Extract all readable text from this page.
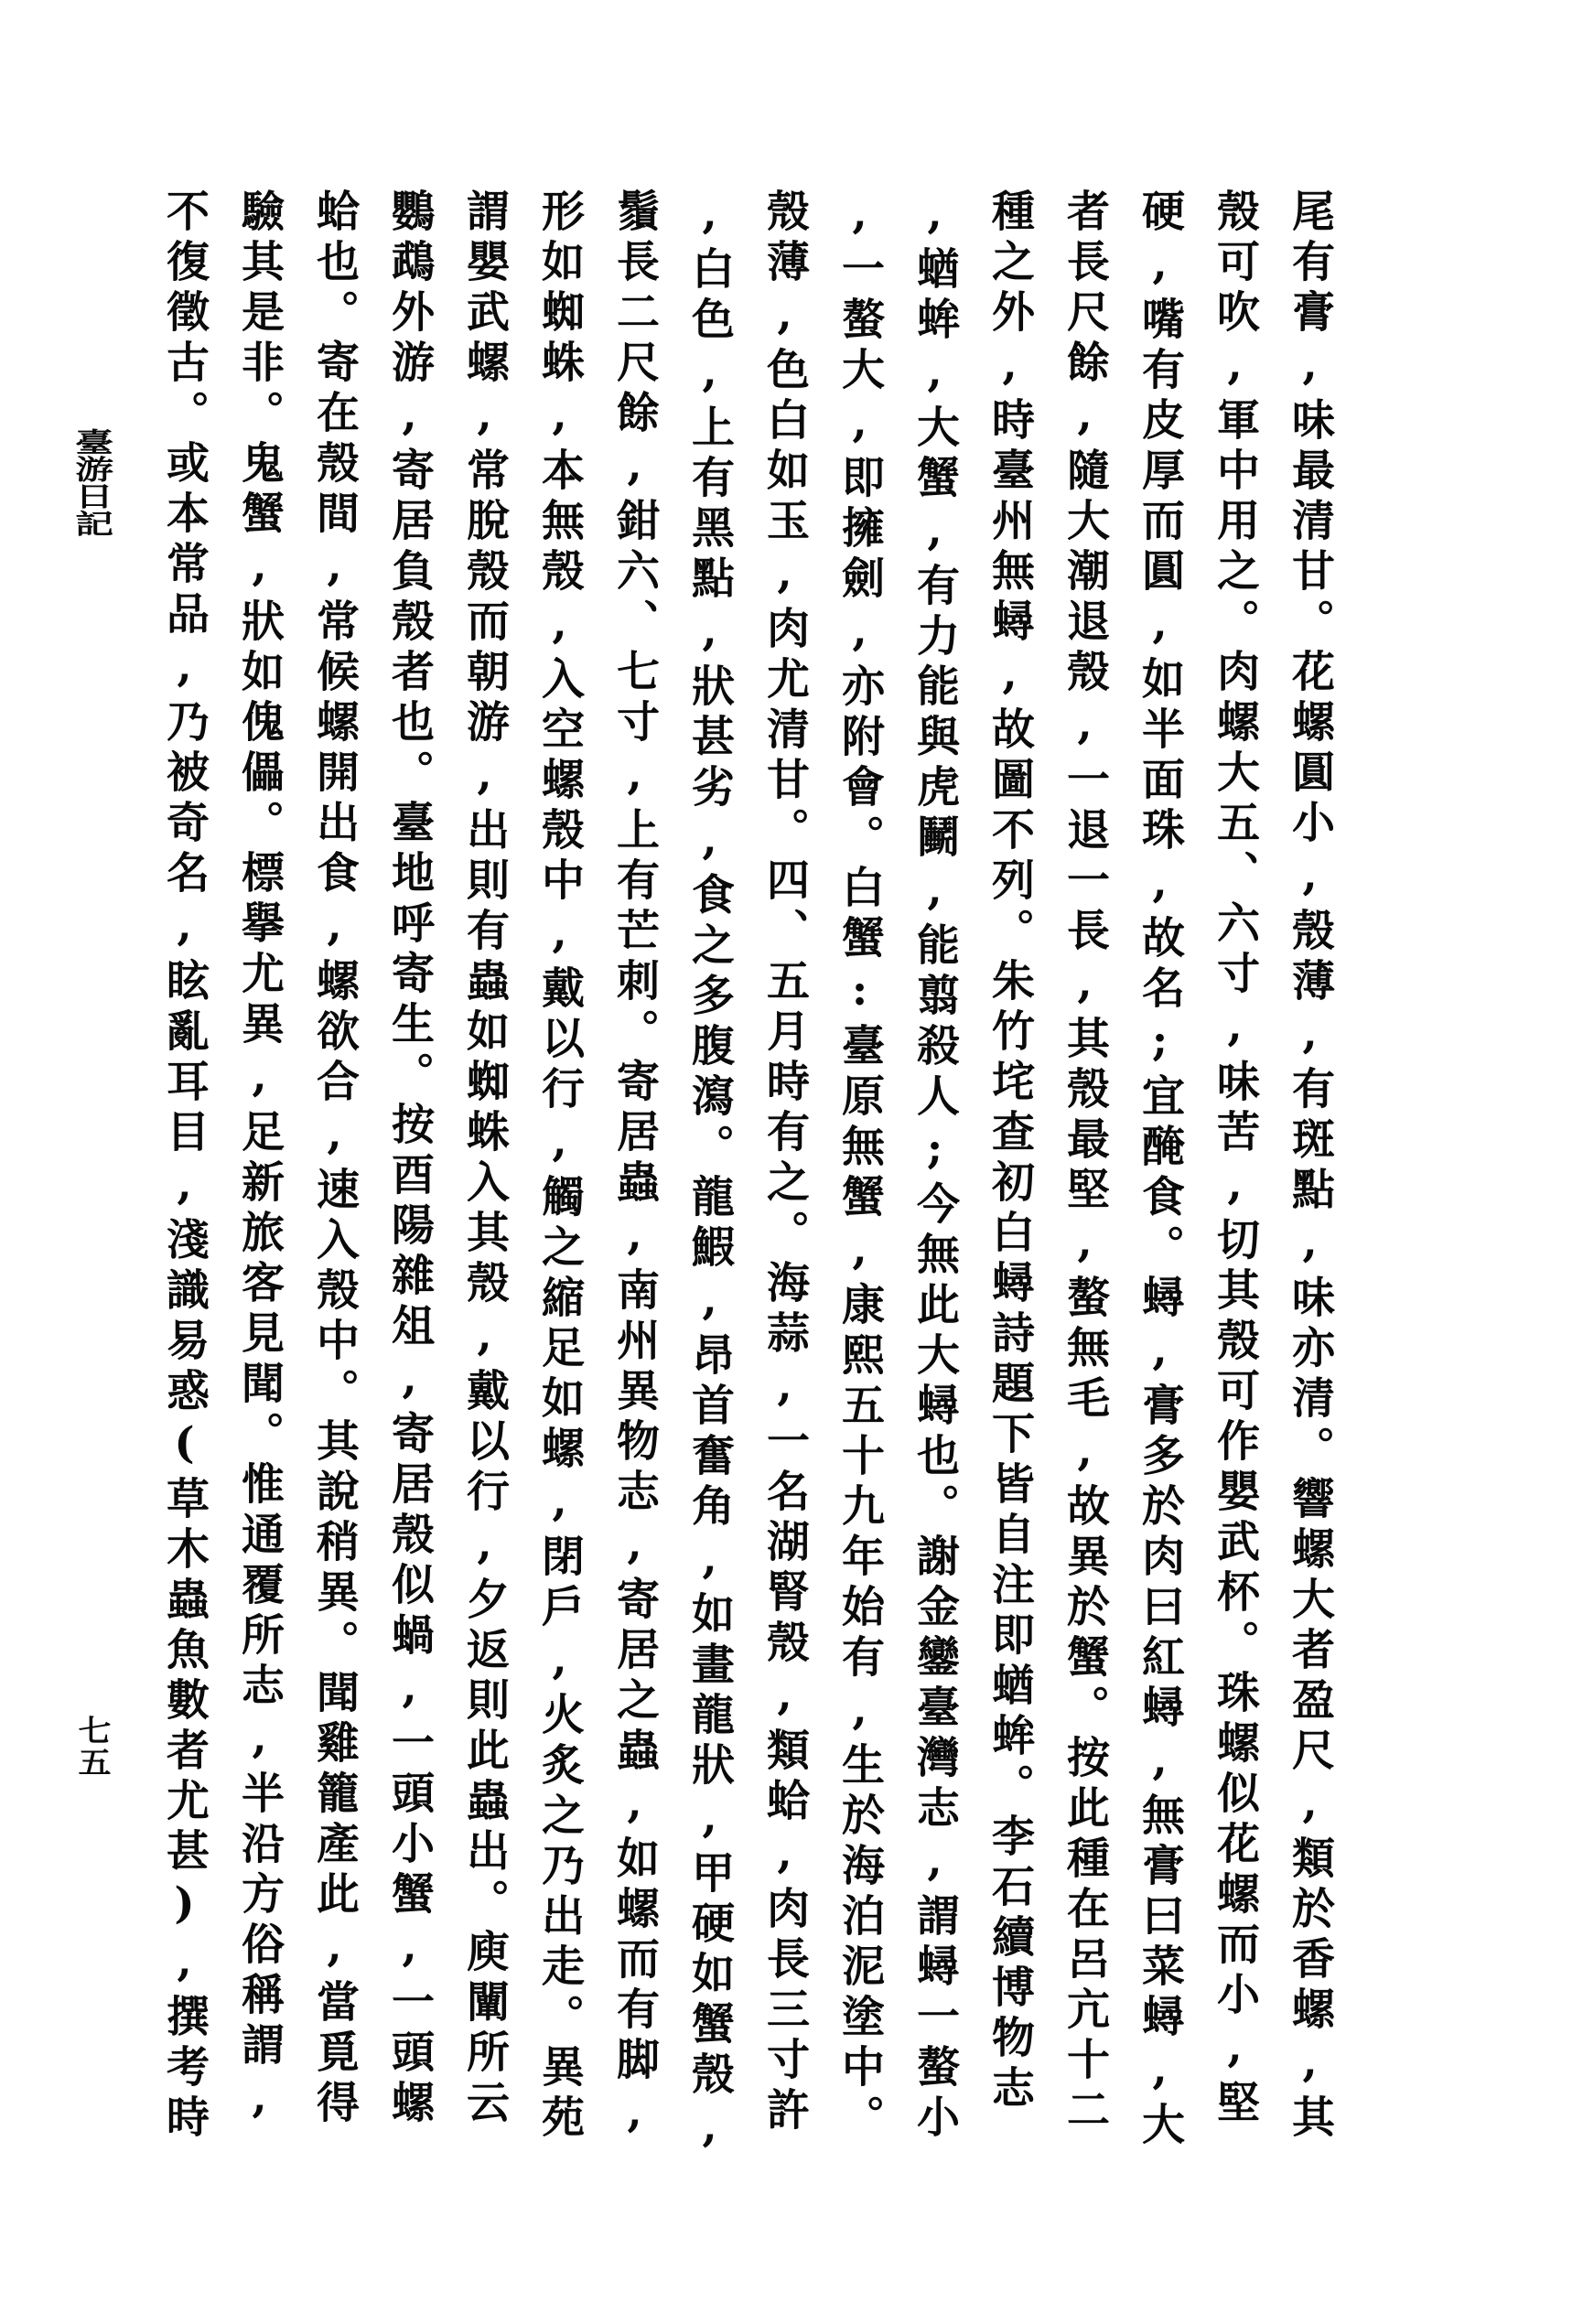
尾有膏,味最清甘。花螺圓小,殼薄,有斑點,味亦清。響螺大者盈尺,類於香螺,其
殼可吹,軍中用之。肉螺大五、六寸,味苦,切其殼可作嬰武杯。珠螺似花螺而小,堅
硬,嘴有皮厚而圓,如半面珠,故名;宜醃食。蟳,膏多於肉曰紅蟳,無膏曰菜蟳,大
者長尺餘,隨大潮退殼,一退一長,其殼最堅,螯無毛,故異於蟹。按此種在呂亢十二
種之外,時臺州無蟳,故圖不列。朱竹垞查初白蟳詩題下皆自注即蝤蛑。李石續博物志
,蝤蛑,大蟹,有力能與虎鬭,能翦殺人;今無此大蟳也。謝金鑾臺灣志,謂蟳一螯小
,一螯大,即擁劍,亦附會。白蟹:臺原無蟹,康熙五十九年始有,生於海泊泥塗中。
殼薄,色白如玉,肉尤清甘。四、五月時有之。海蒜,一名湖腎殼,類蛤,肉長三寸許
,白色,上有黑點,狀甚劣,食之多腹瀉。龍鰕,昂首奮角,如畫龍狀,甲硬如蟹殼,
鬚長二尺餘,鉗六、七寸,上有芒刺。寄居蟲,南州異物志,寄居之蟲,如螺而有脚,
形如蜘蛛,本無殼,入空螺殼中,戴以行,觸之縮足如螺,閉戶,火炙之乃出走。異苑
謂嬰武螺,常脫殼而朝游,出則有蟲如蜘蛛入其殼,戴以行,夕返則此蟲出。庾闡所云
鸚鵡外游,寄居負殼者也。臺地呼寄生。按酉陽雜俎,寄居殼似蝸,一頭小蟹,一頭螺
蛤也。寄在殼間,常候螺開出食,螺欲合,速入殼中。其說稍異。聞雞籠產此,當覓得
驗其是非。鬼蟹,狀如傀儡。標擧尤異,足新旅客見聞。惟通覆所志,半沿方俗稱謂,
不復徵古。或本常品,乃被奇名,眩亂耳目,淺識易惑(草木蟲魚數者尤甚),撰考時
臺游日記
七五
